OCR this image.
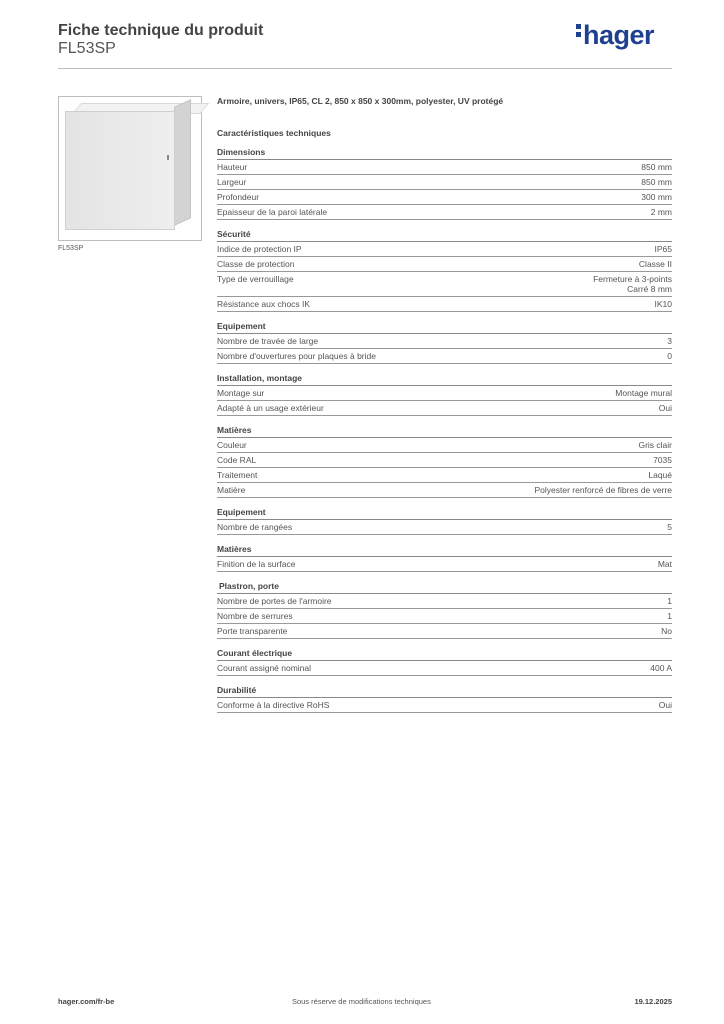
Fiche technique du produit
FL53SP	hager
FL53SP
Armoire, univers, IP65, CL 2, 850 x 850 x 300mm, polyester, UV protégé
Caractéristiques techniques
Dimensions
Hauteur	850 mm
Largeur	850 mm
Profondeur	300 mm
Epaisseur de la paroi latérale	2 mm
Sécurité
Indice de protection IP	IP65
Classe de protection	Classe II
Type de verrouillage	Fermeture à 3-points
Carré 8 mm
Résistance aux chocs IK	IK10
Equipement
Nombre de travée de large	3
Nombre d'ouvertures pour plaques à bride	0
Installation, montage
Montage sur	Montage mural
Adapté à un usage extérieur	Oui
Matières
Couleur	Gris clair
Code RAL	7035
Traitement	Laqué
Matière	Polyester renforcé de fibres de verre
Equipement
Nombre de rangées	5
Matières
Finition de la surface	Mat
Plastron, porte
Nombre de portes de l'armoire	1
Nombre de serrures	1
Porte transparente	No
Courant électrique
Courant assigné nominal	400 A
Durabilité
Conforme à la directive RoHS	Oui
hager.com/fr-be	Sous réserve de modifications techniques	19.12.2025
